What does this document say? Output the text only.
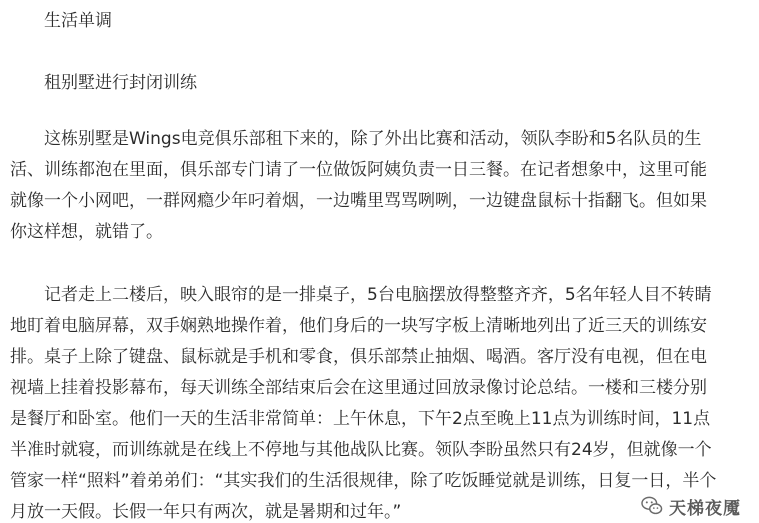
生活单调
租别墅进行封闭训练

这栋别墅是Wings电竞俱乐部租下来的，除了外出比赛和活动，领队李盼和5名队员的生

活、训练都泡在里面，俱乐部专门请了一位做饭阿姨负责一日三餐。在记者想象中，这里可能

就像一个小网吧，一群网瘾少年叼着烟，一边嘴里骂骂咧咧，一边键盘鼠标十指翻飞。但如果

你这样想，就错了。

记者走上二楼后，映入眼帘的是一排桌子，5台电脑摆放得整整齐齐，5名年轻人目不转睛

地盯着电脑屏幕，双手娴熟地操作着，他们身后的一块写字板上清晰地列出了近三天的训练安

排。桌子上除了键盘、鼠标就是手机和零食，俱乐部禁止抽烟、喝酒。客厅没有电视，但在电

视墙上挂着投影幕布，每天训练全部结束后会在这里通过回放录像讨论总结。一楼和三楼分别

是餐厅和卧室。他们一天的生活非常简单：上午休息，下午2点至晚上11点为训练时间，11点

半准时就寝，而训练就是在线上不停地与其他战队比赛。领队李盼虽然只有24岁，但就像一个

管家一样“照料”着弟弟们：“其实我们的生活很规律，除了吃饭睡觉就是训练，日复一日，半个

月放一天假。长假一年只有两次，就是暑期和过年。”	天梯夜魇
